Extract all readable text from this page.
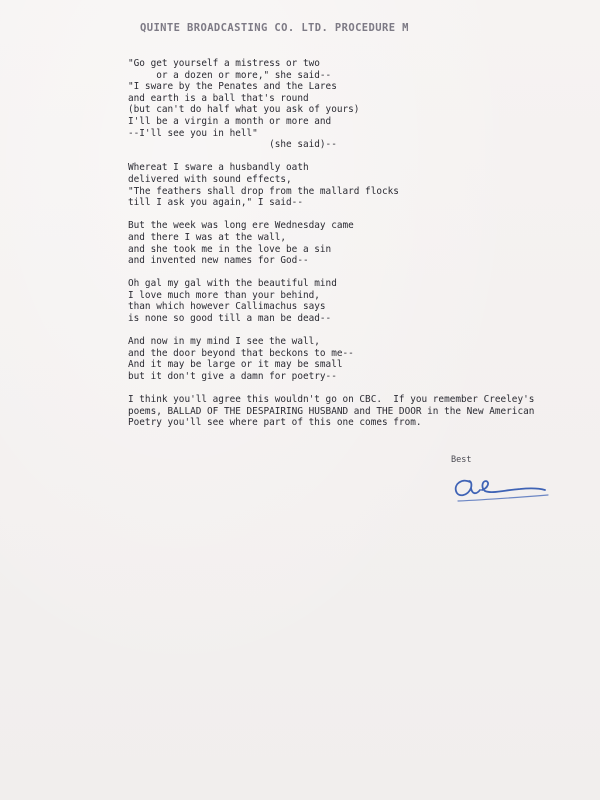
QUINTE BROADCASTING CO. LTD. PROCEDURE M
"Go get yourself a mistress or two
or a dozen or more," she said--
"I sware by the Penates and the Lares
and earth is a ball that's round
(but can't do half what you ask of yours)
I'll be a virgin a month or more and
--I'll see you in hell"
(she said)--
Whereat I sware a husbandly oath
delivered with sound effects,
"The feathers shall drop from the mallard flocks
till I ask you again," I said--
But the week was long ere Wednesday came
and there I was at the wall,
and she took me in the love be a sin
and invented new names for God--
Oh gal my gal with the beautiful mind
I love much more than your behind,
than which however Callimachus says
is none so good till a man be dead--
And now in my mind I see the wall,
and the door beyond that beckons to me--
And it may be large or it may be small
but it don't give a damn for poetry--
I think you'll agree this wouldn't go on CBC.  If you remember Creeley's
poems, BALLAD OF THE DESPAIRING HUSBAND and THE DOOR in the New American
Poetry you'll see where part of this one comes from.
Best
